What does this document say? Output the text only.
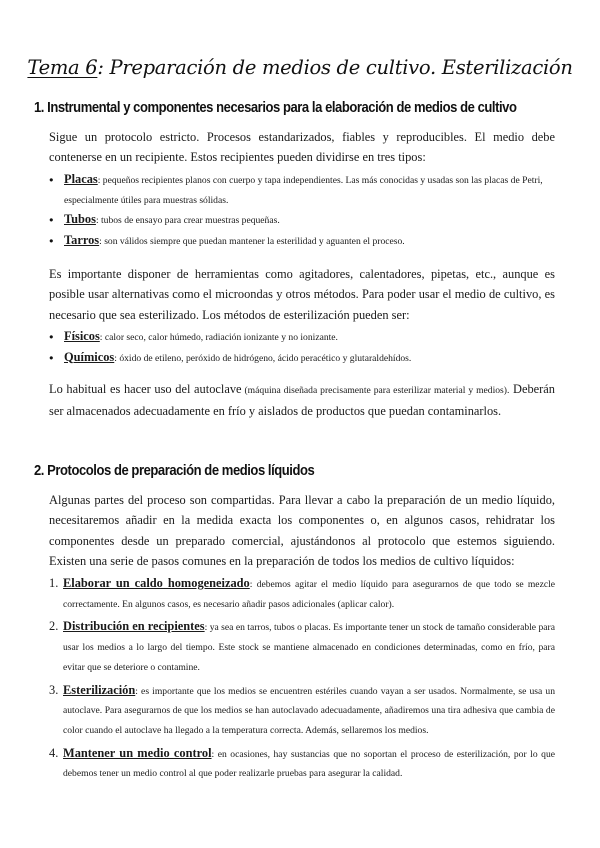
Tema 6: Preparación de medios de cultivo. Esterilización
1. Instrumental y componentes necesarios para la elaboración de medios de cultivo
Sigue un protocolo estricto. Procesos estandarizados, fiables y reproducibles. El medio debe contenerse en un recipiente. Estos recipientes pueden dividirse en tres tipos:
● Placas: pequeños recipientes planos con cuerpo y tapa independientes. Las más conocidas y usadas son las placas de Petri, especialmente útiles para muestras sólidas.
● Tubos: tubos de ensayo para crear muestras pequeñas.
● Tarros: son válidos siempre que puedan mantener la esterilidad y aguanten el proceso.
Es importante disponer de herramientas como agitadores, calentadores, pipetas, etc., aunque es posible usar alternativas como el microondas y otros métodos. Para poder usar el medio de cultivo, es necesario que sea esterilizado. Los métodos de esterilización pueden ser:
● Físicos: calor seco, calor húmedo, radiación ionizante y no ionizante.
● Químicos: óxido de etileno, peróxido de hidrógeno, ácido peracético y glutaraldehídos.
Lo habitual es hacer uso del autoclave (máquina diseñada precisamente para esterilizar material y medios). Deberán ser almacenados adecuadamente en frío y aislados de productos que puedan contaminarlos.
2. Protocolos de preparación de medios líquidos
Algunas partes del proceso son compartidas. Para llevar a cabo la preparación de un medio líquido, necesitaremos añadir en la medida exacta los componentes o, en algunos casos, rehidratar los componentes desde un preparado comercial, ajustándonos al protocolo que estemos siguiendo. Existen una serie de pasos comunes en la preparación de todos los medios de cultivo líquidos:
1. Elaborar un caldo homogeneizado: debemos agitar el medio líquido para asegurarnos de que todo se mezcle correctamente. En algunos casos, es necesario añadir pasos adicionales (aplicar calor).
2. Distribución en recipientes: ya sea en tarros, tubos o placas. Es importante tener un stock de tamaño considerable para usar los medios a lo largo del tiempo. Este stock se mantiene almacenado en condiciones determinadas, como en frío, para evitar que se deteriore o contamine.
3. Esterilización: es importante que los medios se encuentren estériles cuando vayan a ser usados. Normalmente, se usa un autoclave. Para asegurarnos de que los medios se han autoclavado adecuadamente, añadiremos una tira adhesiva que cambia de color cuando el autoclave ha llegado a la temperatura correcta. Además, sellaremos los medios.
4. Mantener un medio control: en ocasiones, hay sustancias que no soportan el proceso de esterilización, por lo que debemos tener un medio control al que poder realizarle pruebas para asegurar la calidad.
